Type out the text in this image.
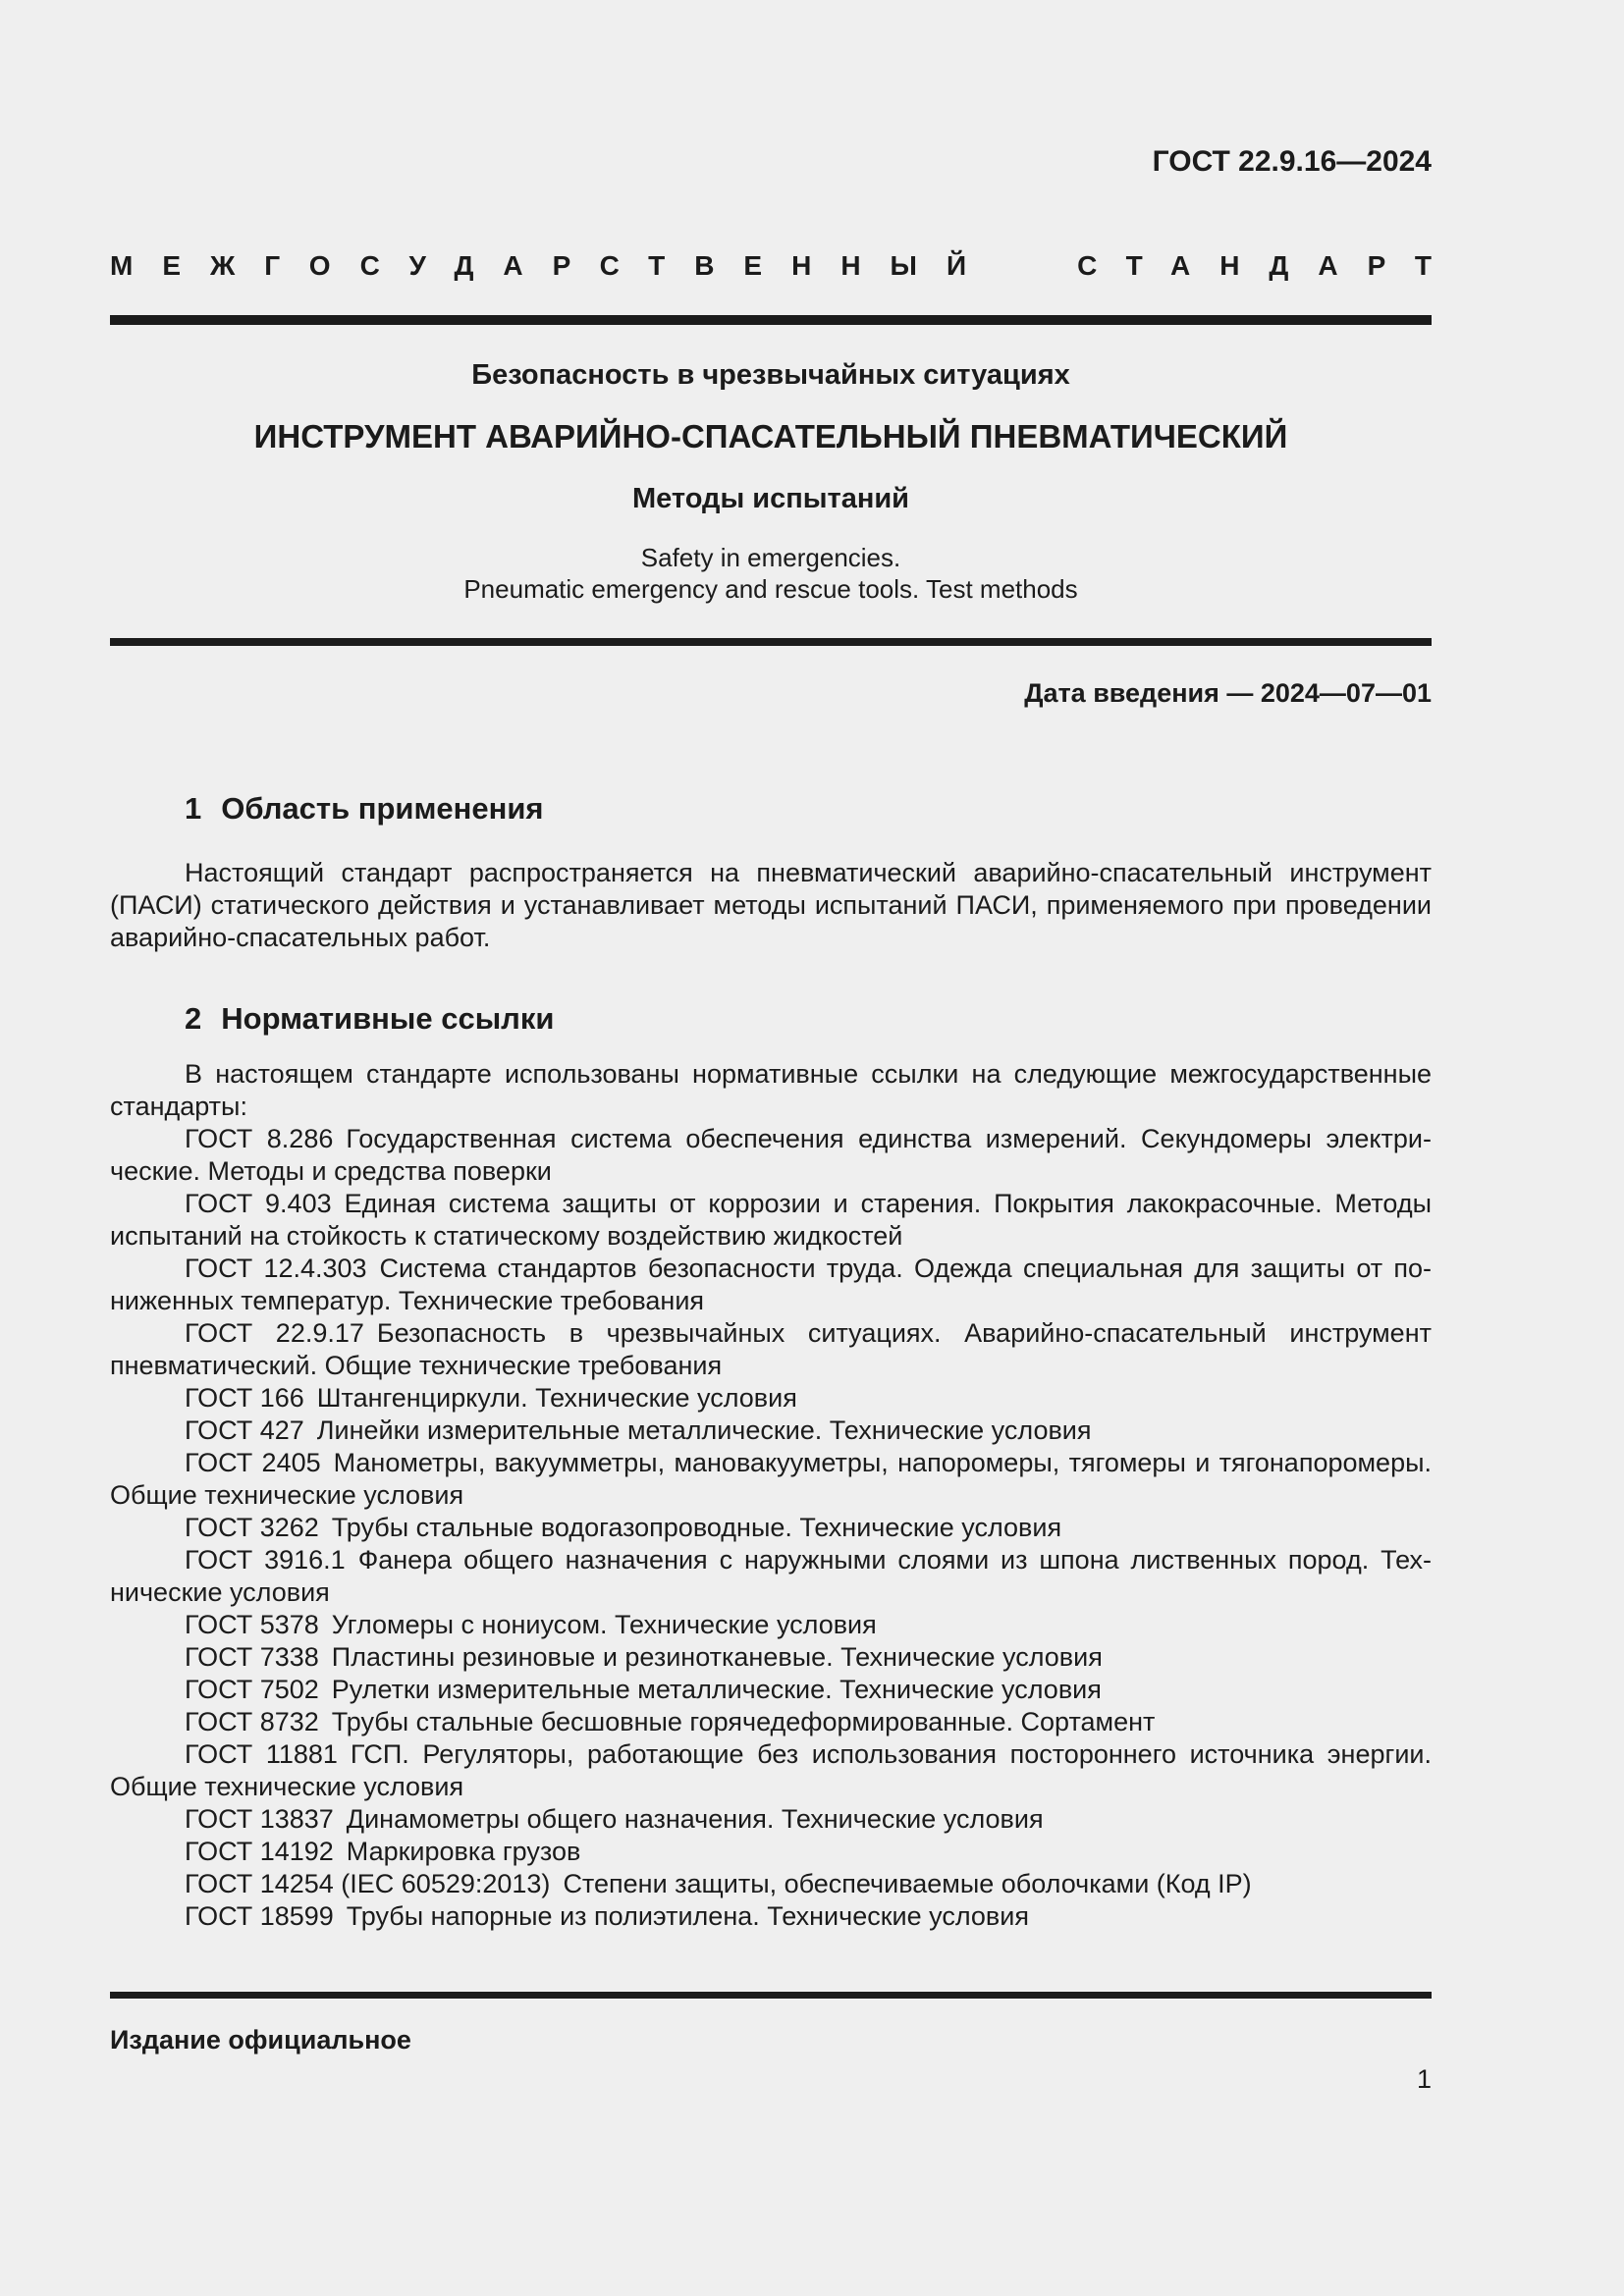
ГОСТ 22.9.16—2024
МЕЖГОСУДАРСТВЕННЫЙ	СТАНДАРТ
Безопасность в чрезвычайных ситуациях
ИНСТРУМЕНТ АВАРИЙНО-СПАСАТЕЛЬНЫЙ ПНЕВМАТИЧЕСКИЙ
Методы испытаний
Safety in emergencies.
Pneumatic emergency and rescue tools. Test methods
Дата введения — 2024—07—01
1 Область применения

Настоящий стандарт распространяется на пневматический аварийно-спасательный инструмент (ПАСИ) статического действия и устанавливает методы испытаний ПАСИ, применяемого при проведении аварийно-спасательных работ.

2 Нормативные ссылки

В настоящем стандарте использованы нормативные ссылки на следующие межгосударственные стандарты:

ГОСТ 8.286 Государственная система обеспечения единства измерений. Секундомеры электрические. Методы и средства поверки

ГОСТ 9.403 Единая система защиты от коррозии и старения. Покрытия лакокрасочные. Методы испытаний на стойкость к статическому воздействию жидкостей

ГОСТ 12.4.303 Система стандартов безопасности труда. Одежда специальная для защиты от пониженных температур. Технические требования

ГОСТ 22.9.17 Безопасность в чрезвычайных ситуациях. Аварийно-спасательный инструмент пневматический. Общие технические требования

ГОСТ 166 Штангенциркули. Технические условия

ГОСТ 427 Линейки измерительные металлические. Технические условия

ГОСТ 2405 Манометры, вакуумметры, мановакууметры, напоромеры, тягомеры и тягонапоромеры. Общие технические условия

ГОСТ 3262 Трубы стальные водогазопроводные. Технические условия

ГОСТ 3916.1 Фанера общего назначения с наружными слоями из шпона лиственных пород. Технические условия

ГОСТ 5378 Угломеры с нониусом. Технические условия

ГОСТ 7338 Пластины резиновые и резинотканевые. Технические условия

ГОСТ 7502 Рулетки измерительные металлические. Технические условия

ГОСТ 8732 Трубы стальные бесшовные горячедеформированные. Сортамент

ГОСТ 11881 ГСП. Регуляторы, работающие без использования постороннего источника энергии. Общие технические условия

ГОСТ 13837 Динамометры общего назначения. Технические условия

ГОСТ 14192 Маркировка грузов

ГОСТ 14254 (IEC 60529:2013) Степени защиты, обеспечиваемые оболочками (Код IP)

ГОСТ 18599 Трубы напорные из полиэтилена. Технические условия

Издание официальное
1
